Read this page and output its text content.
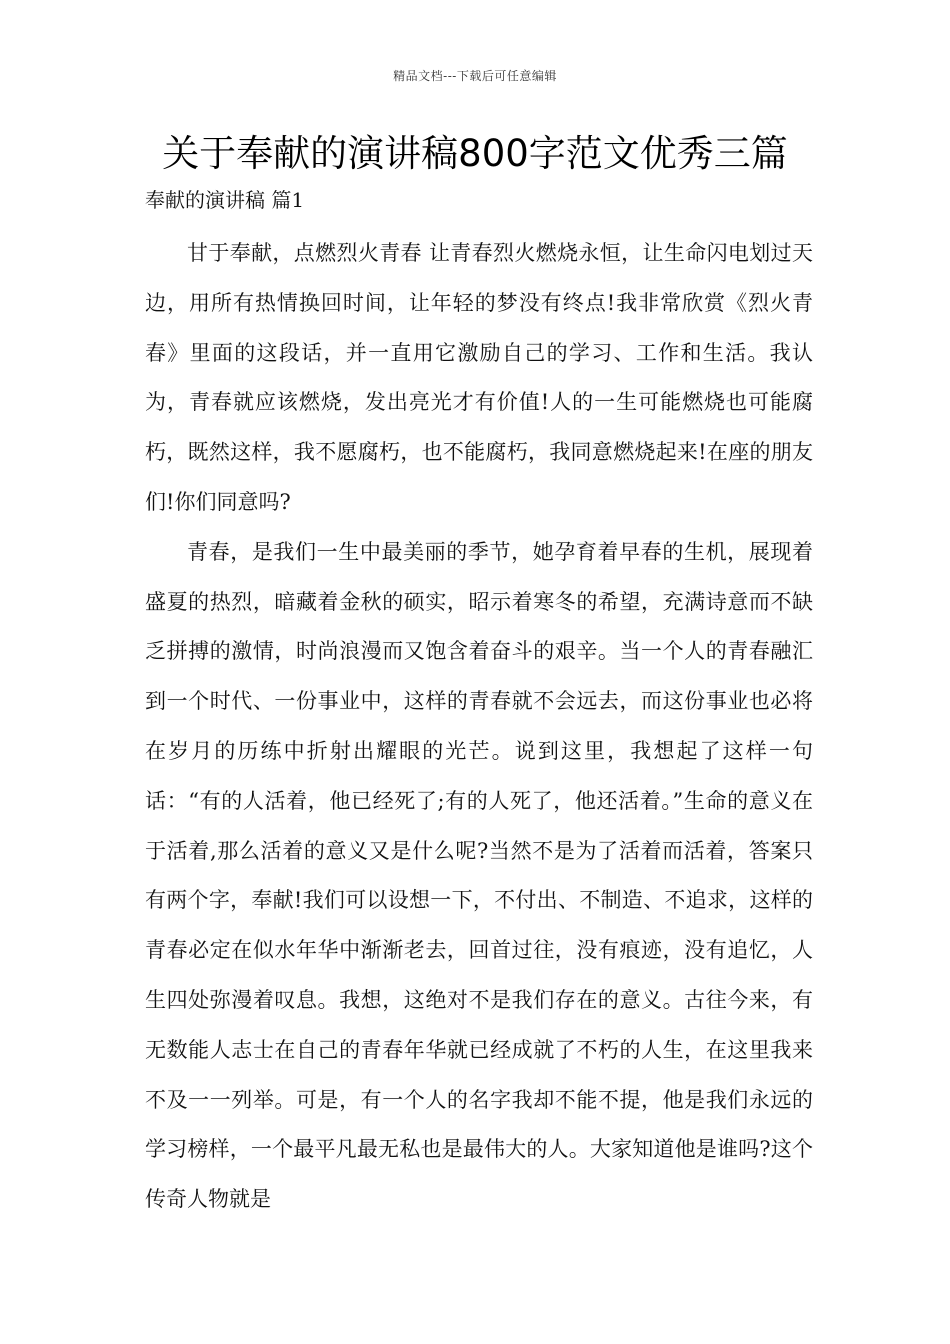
精品文档---下载后可任意编辑
关于奉献的演讲稿800字范文优秀三篇
奉献的演讲稿 篇1

甘于奉献，点燃烈火青春 让青春烈火燃烧永恒，让生命闪电划过天边，用所有热情换回时间，让年轻的梦没有终点!我非常欣赏《烈火青春》里面的这段话，并一直用它激励自己的学习、工作和生活。我认为，青春就应该燃烧，发出亮光才有价值!人的一生可能燃烧也可能腐朽，既然这样，我不愿腐朽，也不能腐朽，我同意燃烧起来!在座的朋友们!你们同意吗?

青春，是我们一生中最美丽的季节，她孕育着早春的生机，展现着盛夏的热烈，暗藏着金秋的硕实，昭示着寒冬的希望，充满诗意而不缺乏拼搏的激情，时尚浪漫而又饱含着奋斗的艰辛。当一个人的青春融汇到一个时代、一份事业中，这样的青春就不会远去，而这份事业也必将在岁月的历练中折射出耀眼的光芒。说到这里，我想起了这样一句话：“有的人活着，他已经死了;有的人死了，他还活着。”生命的意义在于活着,那么活着的意义又是什么呢?当然不是为了活着而活着，答案只有两个字，奉献!我们可以设想一下，不付出、不制造、不追求，这样的青春必定在似水年华中渐渐老去，回首过往，没有痕迹，没有追忆，人生四处弥漫着叹息。我想，这绝对不是我们存在的意义。古往今来，有无数能人志士在自己的青春年华就已经成就了不朽的人生，在这里我来不及一一列举。可是，有一个人的名字我却不能不提，他是我们永远的学习榜样，一个最平凡最无私也是最伟大的人。大家知道他是谁吗?这个传奇人物就是
